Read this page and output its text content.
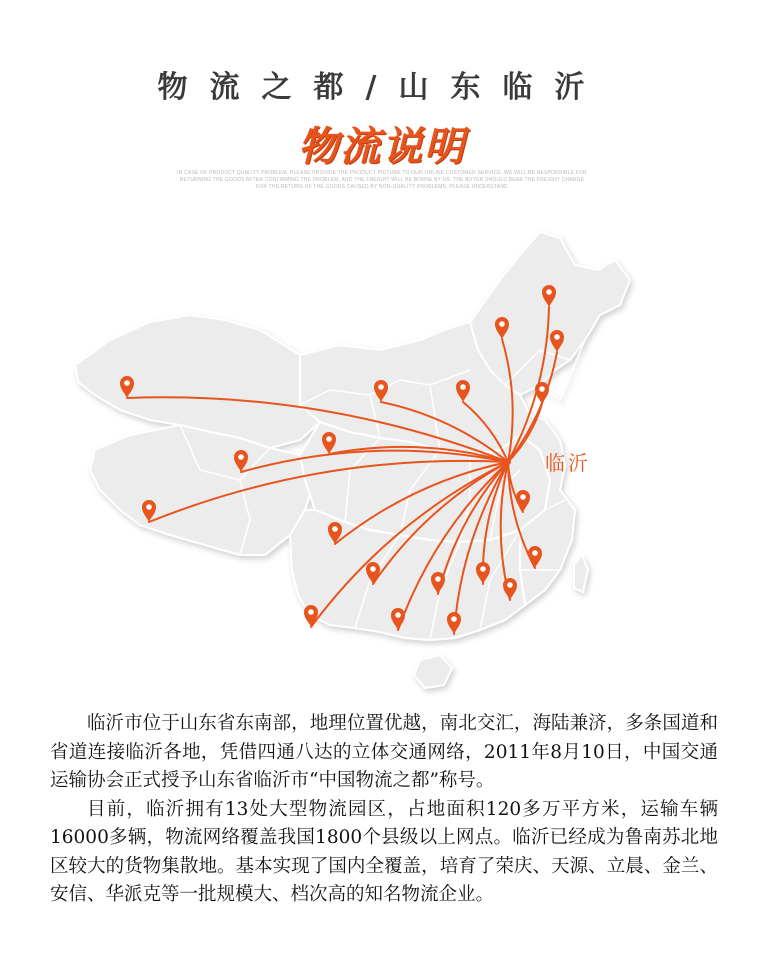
物流之都/山东临沂
物流说明
IN CASE OF PRODUCT QUALITY PROBLEM, PLEASE PROVIDE THE PRODUCT PICTURE TO OUR ONLINE CUSTOMER SERVICE. WE WILL BE RESPONSIBLE FOR
RETURNING THE GOODS AFTER CONFIRMING THE PROBLEM, AND THE FREIGHT WILL BE BORNE BY US. THE BUYER SHOULD BEAR THE FREIGHT CHARGE
FOR THE RETURN OF THE GOODS CAUSED BY NON-QUALITY PROBLEMS. PLEASE UNDERSTAND
临沂

临沂市位于山东省东南部，地理位置优越，南北交汇，海陆兼济，多条国道和省道连接临沂各地，凭借四通八达的立体交通网络，2011年8月10日，中国交通运输协会正式授予山东省临沂市“中国物流之都”称号。

目前，临沂拥有13处大型物流园区，占地面积120多万平方米，运输车辆16000多辆，物流网络覆盖我国1800个县级以上网点。临沂已经成为鲁南苏北地区较大的货物集散地。基本实现了国内全覆盖，培育了荣庆、天源、立晨、金兰、安信、华派克等一批规模大、档次高的知名物流企业。
